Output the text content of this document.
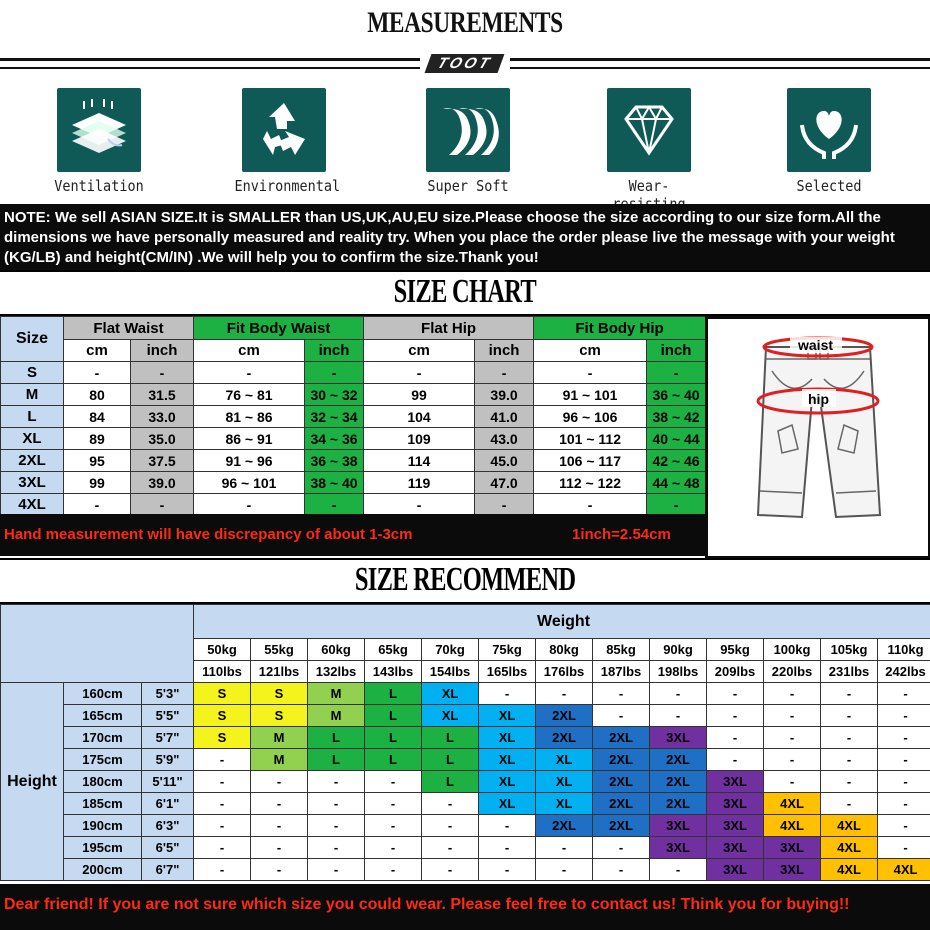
MEASUREMENTS
TOOT
Ventilation	Environmental	Super Soft	Wear-	Selected
NOTE: We sell ASIAN SIZE.It is SMALLER than US,UK,AU,EU size.Please choose the size according to our size form.All the dimensions we have personally measured and reality try. When you place the order please live the message with your weight (KG/LB) and height(CM/IN) .We will help you to confirm the size.Thank you!
SIZE CHART
Size	Flat Waist		Fit Body Waist		Flat Hip		Fit Body Hip	
	cm	inch	cm	inch	cm	inch	cm	inch
S	-	-	-	-	-	-	-	-
M	80	31.5	76 ~ 81	30 ~ 32	99	39.0	91 ~ 101	36 ~ 40
L	84	33.0	81 ~ 86	32 ~ 34	104	41.0	96 ~ 106	38 ~ 42
XL	89	35.0	86 ~ 91	34 ~ 36	109	43.0	101 ~ 112	40 ~ 44
2XL	95	37.5	91 ~ 96	36 ~ 38	114	45.0	106 ~ 117	42 ~ 46
3XL	99	39.0	96 ~ 101	38 ~ 40	119	47.0	112 ~ 122	44 ~ 48
4XL	-	-	-	-	-	-	-	-
Hand measurement will have discrepancy of about 1-3cm	1inch=2.54cm
waist
hip
SIZE RECOMMEND
			Weight												
			50kg	55kg	60kg	65kg	70kg	75kg	80kg	85kg	90kg	95kg	100kg	105kg	110kg
			110lbs	121lbs	132lbs	143lbs	154lbs	165lbs	176lbs	187lbs	198lbs	209lbs	220lbs	231lbs	242lbs
Height	160cm	5'3"	S	S	M	L	XL	-	-	-	-	-	-	-	-
	165cm	5'5"	S	S	M	L	XL	XL	2XL	-	-	-	-	-	-
	170cm	5'7"	S	M	L	L	L	XL	2XL	2XL	3XL	-	-	-	-
	175cm	5'9"	-	M	L	L	L	XL	XL	2XL	2XL	-	-	-	-
	180cm	5'11"	-	-	-	-	L	XL	XL	2XL	2XL	3XL	-	-	-
	185cm	6'1"	-	-	-	-	-	XL	XL	2XL	2XL	3XL	4XL	-	-
	190cm	6'3"	-	-	-	-	-	-	2XL	2XL	3XL	3XL	4XL	4XL	-
	195cm	6'5"	-	-	-	-	-	-	-	-	3XL	3XL	3XL	4XL	-
	200cm	6'7"	-	-	-	-	-	-	-	-	-	3XL	3XL	4XL	4XL
Dear friend! If you are not sure which size you could wear. Please feel free to contact us! Think you for buying!!
